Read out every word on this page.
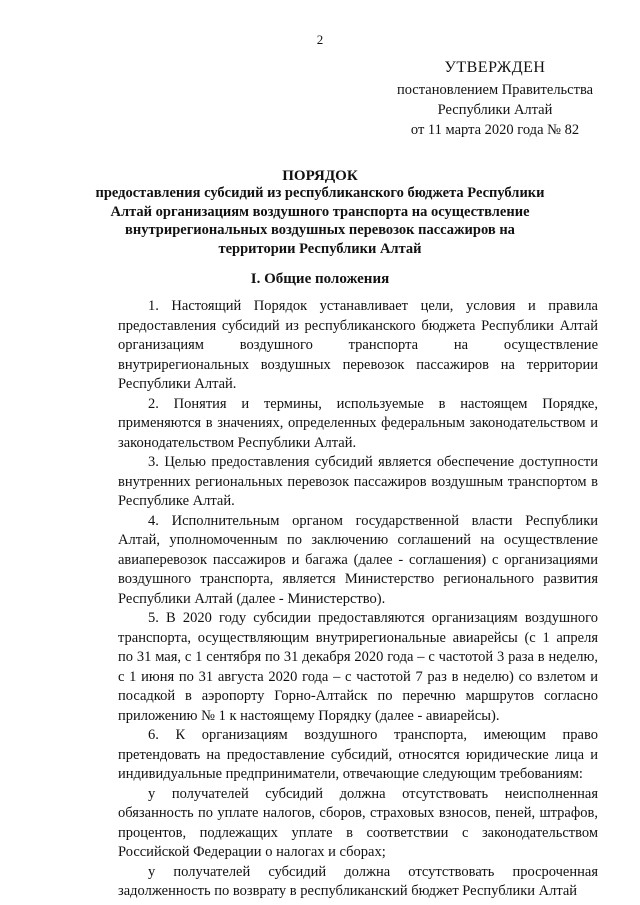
2
УТВЕРЖДЕН
постановлением Правительства
Республики Алтай
от 11 марта 2020 года № 82
ПОРЯДОК
предоставления субсидий из республиканского бюджета Республики Алтай организациям воздушного транспорта на осуществление внутрирегиональных воздушных перевозок пассажиров на территории Республики Алтай
I. Общие положения

1. Настоящий Порядок устанавливает цели, условия и правила предоставления субсидий из республиканского бюджета Республики Алтай организациям воздушного транспорта на осуществление внутрирегиональных воздушных перевозок пассажиров на территории Республики Алтай.

2. Понятия и термины, используемые в настоящем Порядке, применяются в значениях, определенных федеральным законодательством и законодательством Республики Алтай.

3. Целью предоставления субсидий является обеспечение доступности внутренних региональных перевозок пассажиров воздушным транспортом в Республике Алтай.

4. Исполнительным органом государственной власти Республики Алтай, уполномоченным по заключению соглашений на осуществление авиаперевозок пассажиров и багажа (далее - соглашения) с организациями воздушного транспорта, является Министерство регионального развития Республики Алтай (далее - Министерство).

5. В 2020 году субсидии предоставляются организациям воздушного транспорта, осуществляющим внутрирегиональные авиарейсы (с 1 апреля по 31 мая, с 1 сентября по 31 декабря 2020 года – с частотой 3 раза в неделю, с 1 июня по 31 августа 2020 года – с частотой 7 раз в неделю) со взлетом и посадкой в аэропорту Горно-Алтайск по перечню маршрутов согласно приложению № 1 к настоящему Порядку (далее - авиарейсы).

6. К организациям воздушного транспорта, имеющим право претендовать на предоставление субсидий, относятся юридические лица и индивидуальные предприниматели, отвечающие следующим требованиям:

у получателей субсидий должна отсутствовать неисполненная обязанность по уплате налогов, сборов, страховых взносов, пеней, штрафов, процентов, подлежащих уплате в соответствии с законодательством Российской Федерации о налогах и сборах;

у получателей субсидий должна отсутствовать просроченная задолженность по возврату в республиканский бюджет Республики Алтай
